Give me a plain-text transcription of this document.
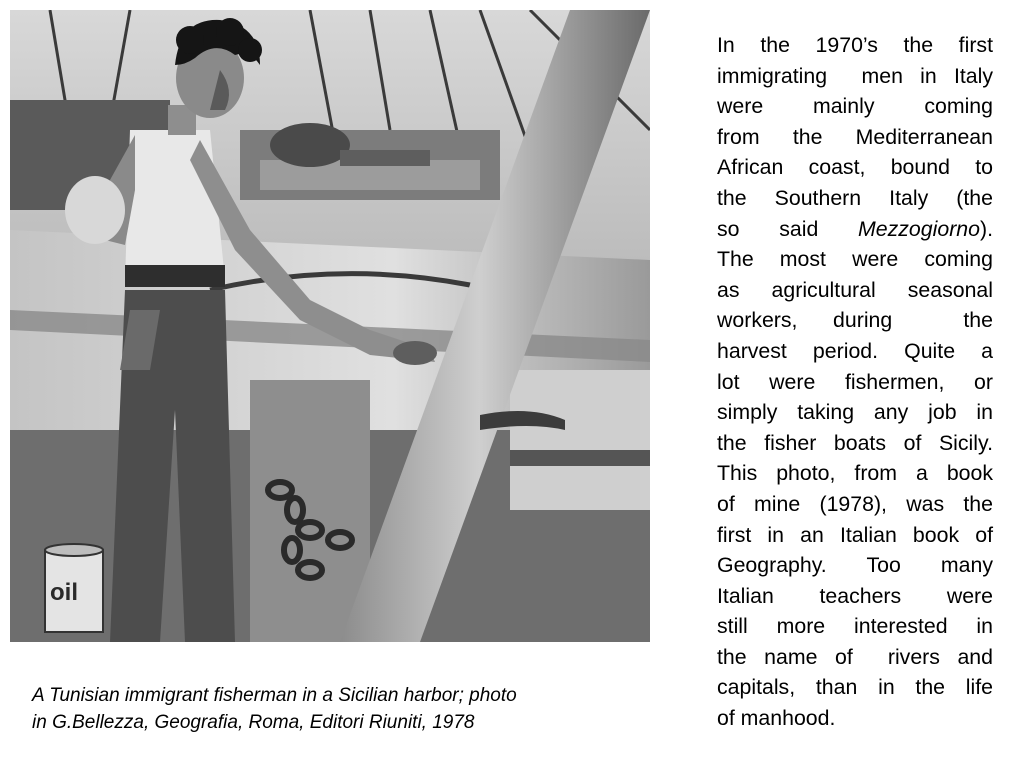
oil

A Tunisian immigrant fisherman in a Sicilian harbor; photo
in G.Bellezza, Geografia, Roma, Editori Riuniti, 1978

In the 1970’s the first
immigrating  men in Italy
were mainly coming
from the Mediterranean
African coast, bound to
the Southern Italy (the
so said Mezzogiorno).
The most were coming
as agricultural seasonal
workers, during  the
harvest period. Quite a
lot were fishermen, or
simply taking any job in
the fisher boats of Sicily.
This photo, from a book
of mine (1978), was the
first in an Italian book of
Geography. Too many
Italian teachers were
still more interested in
the name of  rivers and
capitals, than in the life
of manhood.
